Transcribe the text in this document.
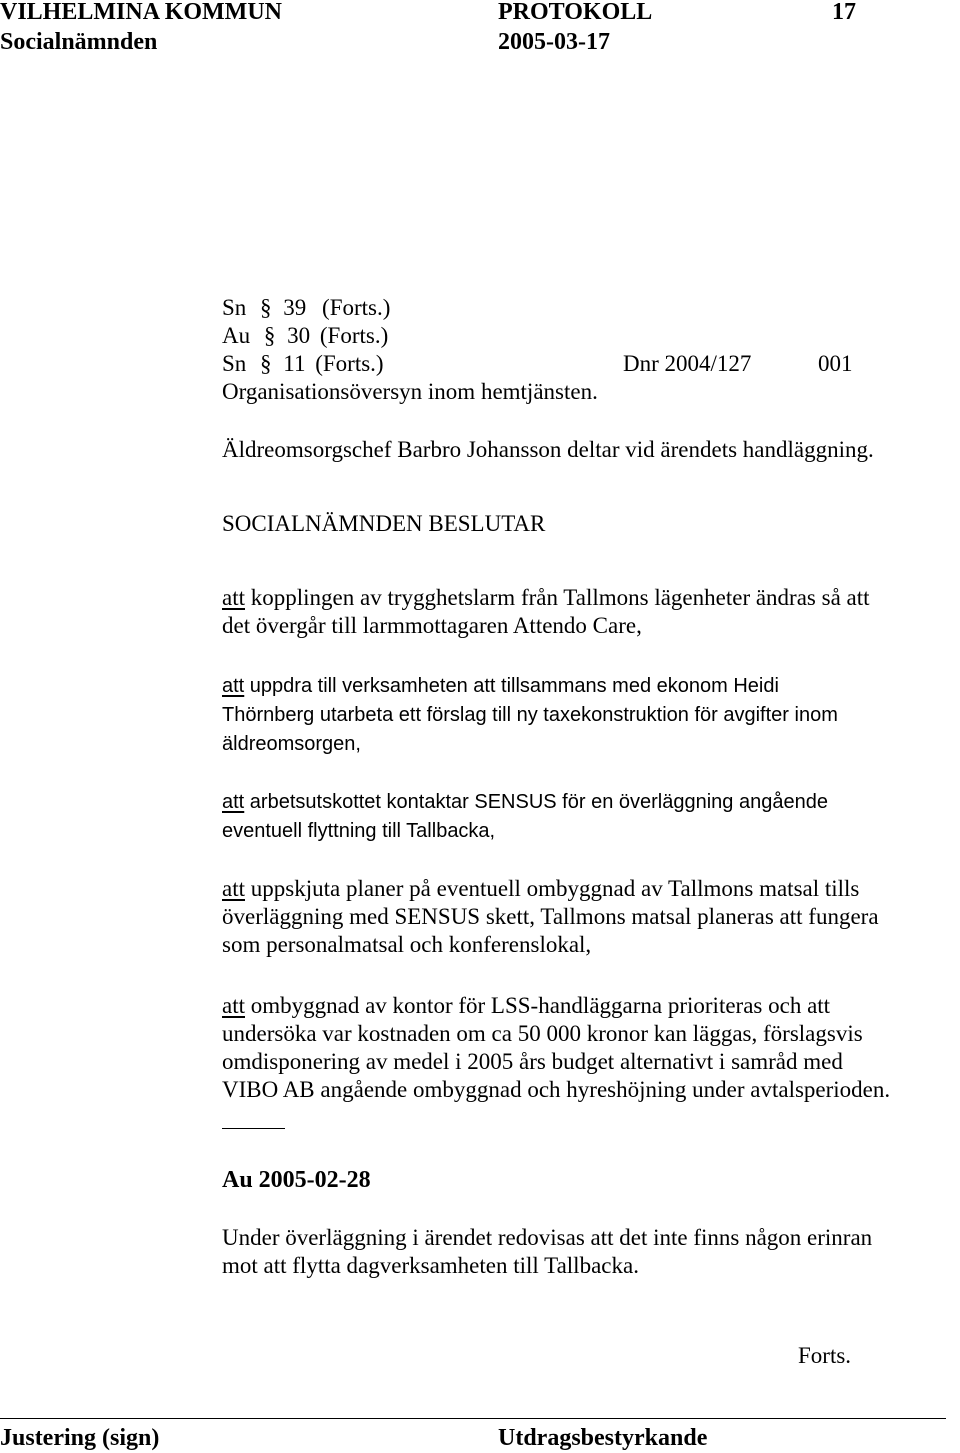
VILHELMINA KOMMUN	PROTOKOLL	17
Socialnämnden	2005-03-17
Sn § 39 (Forts.)
Au § 30 (Forts.)
Sn § 11 (Forts.)	Dnr 2004/127	001
Organisationsöversyn inom hemtjänsten.
Äldreomsorgschef Barbro Johansson deltar vid ärendets handläggning.
SOCIALNÄMNDEN BESLUTAR

att kopplingen av trygghetslarm från Tallmons lägenheter ändras så att

det övergår till larmmottagaren Attendo Care,

att uppdra till verksamheten att tillsammans med ekonom Heidi

Thörnberg utarbeta ett förslag till ny taxekonstruktion för avgifter inom

äldreomsorgen,

att arbetsutskottet kontaktar SENSUS för en överläggning angående

eventuell flyttning till Tallbacka,

att uppskjuta planer på eventuell ombyggnad av Tallmons matsal tills

överläggning med SENSUS skett, Tallmons matsal planeras att fungera

som personalmatsal och konferenslokal,

att ombyggnad av kontor för LSS-handläggarna prioriteras och att

undersöka var kostnaden om ca 50 000 kronor kan läggas, förslagsvis

omdisponering av medel i 2005 års budget alternativt i samråd med

VIBO AB angående ombyggnad och hyreshöjning under avtalsperioden.

Au 2005-02-28

Under överläggning i ärendet redovisas att det inte finns någon erinran

mot att flytta dagverksamheten till Tallbacka.

Forts.
Justering (sign)	Utdragsbestyrkande
